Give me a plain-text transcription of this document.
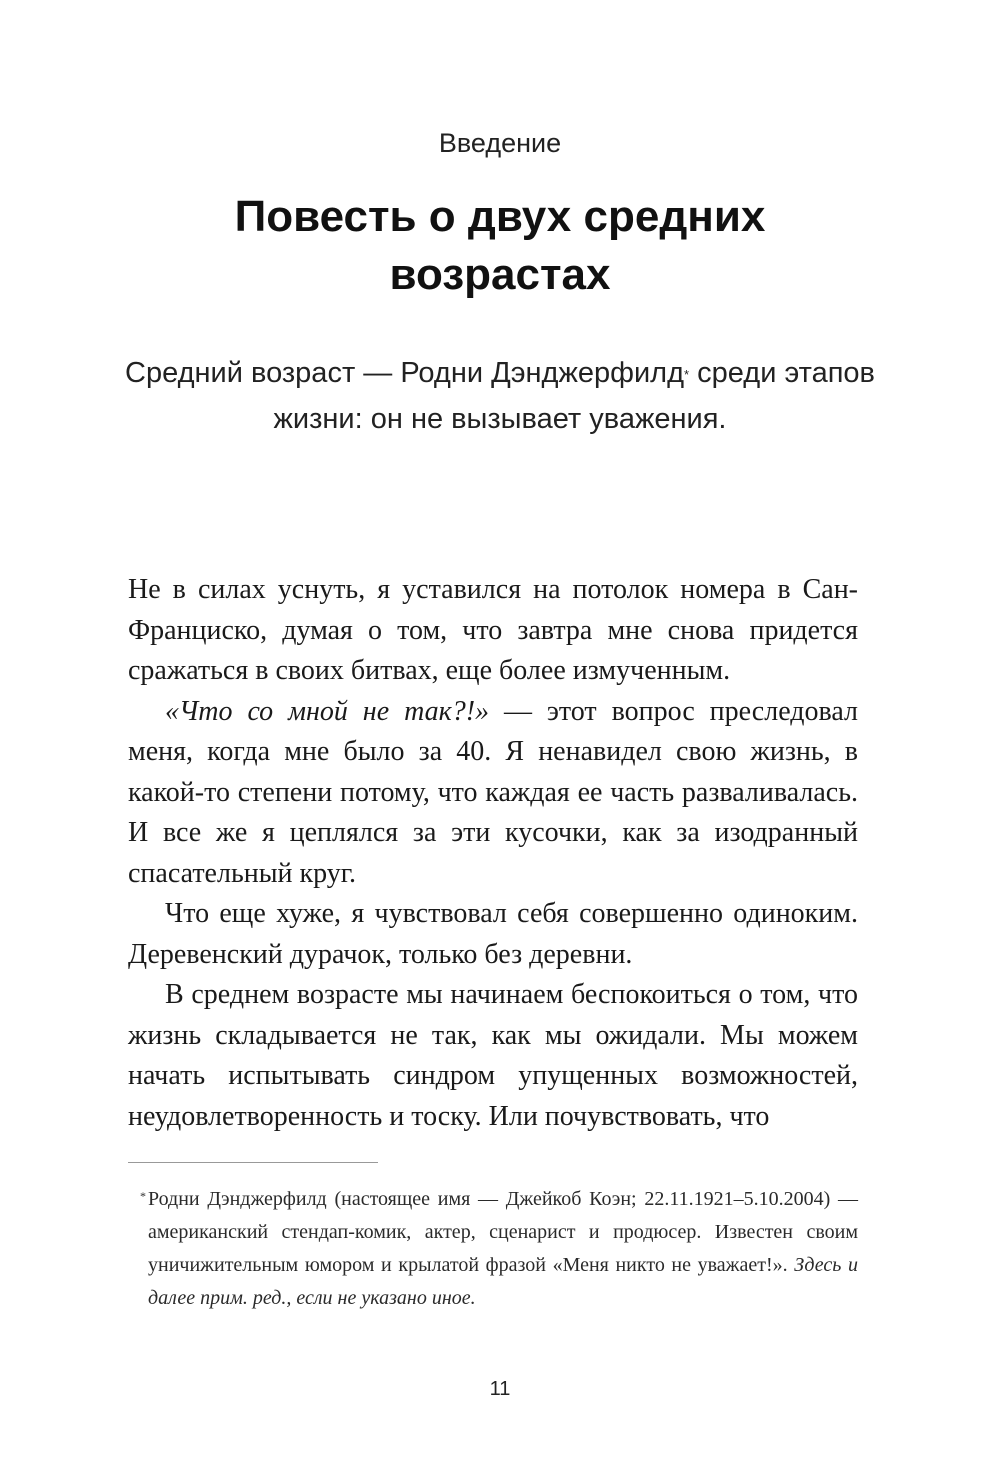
Введение
Повесть о двух средних
возрастах
Средний возраст — Родни Дэнджерфилд* среди этапов жизни: он не вызывает уважения.

Не в силах уснуть, я уставился на потолок номера в Сан-Франциско, думая о том, что завтра мне снова придется сражаться в своих битвах, еще более измученным.

«Что со мной не так?!» — этот вопрос преследовал меня, когда мне было за 40. Я ненавидел свою жизнь, в какой-то степени потому, что каждая ее часть разваливалась. И все же я цеплялся за эти кусочки, как за изодранный спасательный круг.

Что еще хуже, я чувствовал себя совершенно одиноким. Деревенский дурачок, только без деревни.

В среднем возрасте мы начинаем беспокоиться о том, что жизнь складывается не так, как мы ожидали. Мы можем начать испытывать синдром упущенных возможностей, неудовлетворенность и тоску. Или почувствовать, что

* Родни Дэнджерфилд (настоящее имя — Джейкоб Коэн; 22.11.1921–5.10.2004) — американский стендап-комик, актер, сценарист и продюсер. Известен своим уничижительным юмором и крылатой фразой «Меня никто не уважает!». Здесь и далее прим. ред., если не указано иное.
11
